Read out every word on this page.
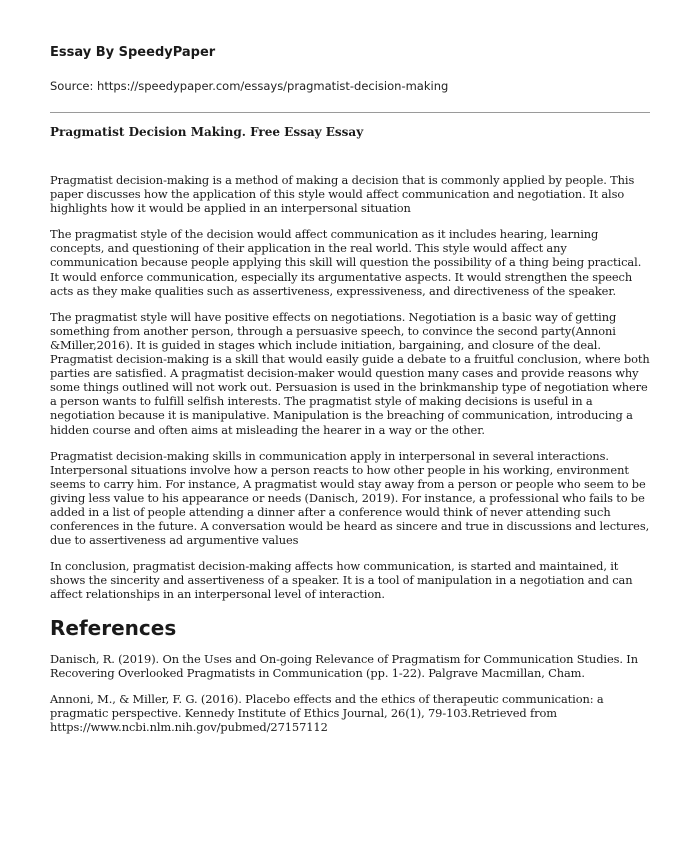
Essay By SpeedyPaper

Source: https://speedypaper.com/essays/pragmatist-decision-making

Pragmatist Decision Making. Free Essay Essay

Pragmatist decision-making is a method of making a decision that is commonly applied by people. This paper discusses how the application of this style would affect communication and negotiation. It also highlights how it would be applied in an interpersonal situation

The pragmatist style of the decision would affect communication as it includes hearing, learning concepts, and questioning of their application in the real world. This style would affect any communication because people applying this skill will question the possibility of a thing being practical. It would enforce communication, especially its argumentative aspects. It would strengthen the speech acts as they make qualities such as assertiveness, expressiveness, and directiveness of the speaker.

The pragmatist style will have positive effects on negotiations. Negotiation is a basic way of getting something from another person, through a persuasive speech, to convince the second party(Annoni &Miller,2016). It is guided in stages which include initiation, bargaining, and closure of the deal. Pragmatist decision-making is a skill that would easily guide a debate to a fruitful conclusion, where both parties are satisfied. A pragmatist decision-maker would question many cases and provide reasons why some things outlined will not work out. Persuasion is used in the brinkmanship type of negotiation where a person wants to fulfill selfish interests. The pragmatist style of making decisions is useful in a negotiation because it is manipulative. Manipulation is the breaching of communication, introducing a hidden course and often aims at misleading the hearer in a way or the other.

Pragmatist decision-making skills in communication apply in interpersonal in several interactions. Interpersonal situations involve how a person reacts to how other people in his working, environment seems to carry him. For instance, A pragmatist would stay away from a person or people who seem to be giving less value to his appearance or needs (Danisch, 2019). For instance, a professional who fails to be added in a list of people attending a dinner after a conference would think of never attending such conferences in the future. A conversation would be heard as sincere and true in discussions and lectures, due to assertiveness ad argumentive values

In conclusion, pragmatist decision-making affects how communication, is started and maintained, it shows the sincerity and assertiveness of a speaker. It is a tool of manipulation in a negotiation and can affect relationships in an interpersonal level of interaction.

References

Danisch, R. (2019). On the Uses and On-going Relevance of Pragmatism for Communication Studies. In Recovering Overlooked Pragmatists in Communication (pp. 1-22). Palgrave Macmillan, Cham.

Annoni, M., & Miller, F. G. (2016). Placebo effects and the ethics of therapeutic communication: a pragmatic perspective. Kennedy Institute of Ethics Journal, 26(1), 79-103.Retrieved from https://www.ncbi.nlm.nih.gov/pubmed/27157112
